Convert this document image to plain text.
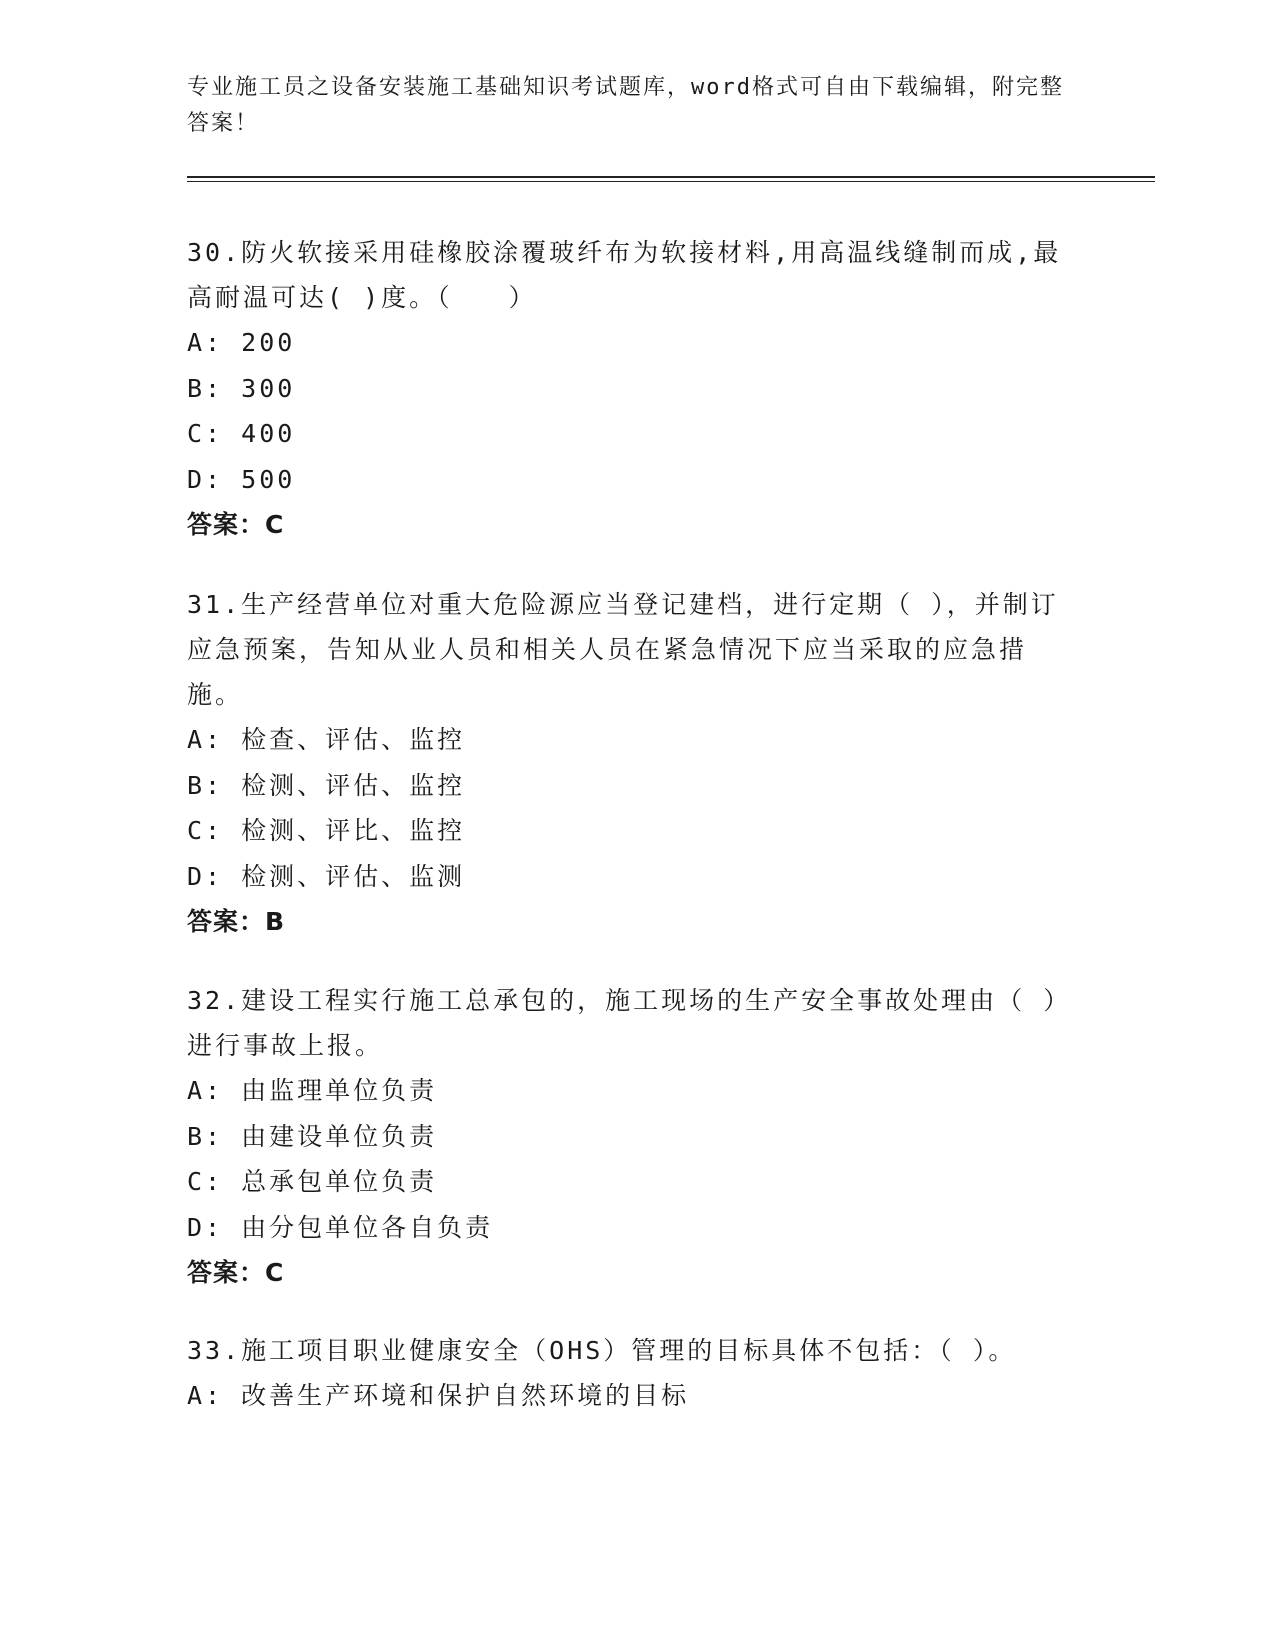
专业施工员之设备安装施工基础知识考试题库，word格式可自由下载编辑，附完整答案！

30.防火软接采用硅橡胶涂覆玻纤布为软接材料,用高温线缝制而成,最高耐温可达( )度。（　　）

A: 200

B: 300

C: 400

D: 500

答案：C

31.生产经营单位对重大危险源应当登记建档，进行定期（ ），并制订应急预案，告知从业人员和相关人员在紧急情况下应当采取的应急措施。

A: 检查、评估、监控

B: 检测、评估、监控

C: 检测、评比、监控

D: 检测、评估、监测

答案：B

32.建设工程实行施工总承包的，施工现场的生产安全事故处理由（ ）进行事故上报。

A: 由监理单位负责

B: 由建设单位负责

C: 总承包单位负责

D: 由分包单位各自负责

答案：C

33.施工项目职业健康安全（OHS）管理的目标具体不包括：（ ）。

A: 改善生产环境和保护自然环境的目标
